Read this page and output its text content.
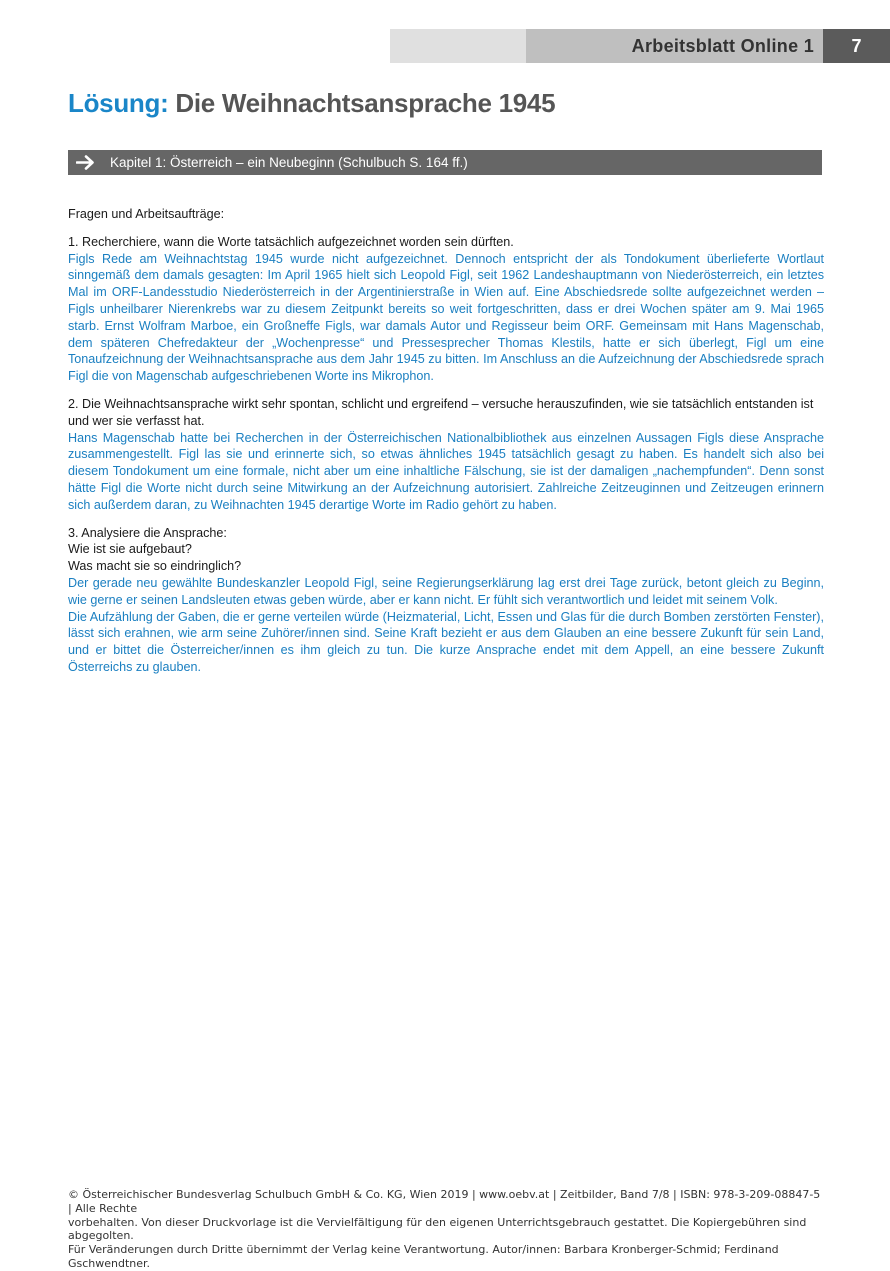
Arbeitsblatt Online 1	7
Lösung: Die Weihnachtsansprache 1945
Kapitel 1: Österreich – ein Neubeginn (Schulbuch S. 164 ff.)

Fragen und Arbeitsaufträge:

1. Recherchiere, wann die Worte tatsächlich aufgezeichnet worden sein dürften.

Figls Rede am Weihnachtstag 1945 wurde nicht aufgezeichnet. Dennoch entspricht der als Tondokument überlieferte Wortlaut sinngemäß dem damals gesagten: Im April 1965 hielt sich Leopold Figl, seit 1962 Landeshauptmann von Niederösterreich, ein letztes Mal im ORF-Landesstudio Niederösterreich in der Argentinierstraße in Wien auf. Eine Abschiedsrede sollte aufgezeichnet werden – Figls unheilbarer Nierenkrebs war zu diesem Zeitpunkt bereits so weit fortgeschritten, dass er drei Wochen später am 9. Mai 1965 starb. Ernst Wolfram Marboe, ein Großneffe Figls, war damals Autor und Regisseur beim ORF. Gemeinsam mit Hans Magenschab, dem späteren Chefredakteur der „Wochenpresse“ und Pressesprecher Thomas Klestils, hatte er sich überlegt, Figl um eine Tonaufzeichnung der Weihnachtsansprache aus dem Jahr 1945 zu bitten. Im Anschluss an die Aufzeichnung der Abschiedsrede sprach Figl die von Magenschab aufgeschriebenen Worte ins Mikrophon.

2. Die Weihnachtsansprache wirkt sehr spontan, schlicht und ergreifend – versuche herauszufinden, wie sie tatsächlich entstanden ist und wer sie verfasst hat.

Hans Magenschab hatte bei Recherchen in der Österreichischen Nationalbibliothek aus einzelnen Aussagen Figls diese Ansprache zusammengestellt. Figl las sie und erinnerte sich, so etwas ähnliches 1945 tatsächlich gesagt zu haben. Es handelt sich also bei diesem Tondokument um eine formale, nicht aber um eine inhaltliche Fälschung, sie ist der damaligen „nachempfunden“. Denn sonst hätte Figl die Worte nicht durch seine Mitwirkung an der Aufzeichnung autorisiert. Zahlreiche Zeitzeuginnen und Zeitzeugen erinnern sich außerdem daran, zu Weihnachten 1945 derartige Worte im Radio gehört zu haben.

3. Analysiere die Ansprache:

Wie ist sie aufgebaut?

Was macht sie so eindringlich?

Der gerade neu gewählte Bundeskanzler Leopold Figl, seine Regierungserklärung lag erst drei Tage zurück, betont gleich zu Beginn, wie gerne er seinen Landsleuten etwas geben würde, aber er kann nicht. Er fühlt sich verantwortlich und leidet mit seinem Volk.

Die Aufzählung der Gaben, die er gerne verteilen würde (Heizmaterial, Licht, Essen und Glas für die durch Bomben zerstörten Fenster), lässt sich erahnen, wie arm seine Zuhörer/innen sind. Seine Kraft bezieht er aus dem Glauben an eine bessere Zukunft für sein Land, und er bittet die Österreicher/innen es ihm gleich zu tun. Die kurze Ansprache endet mit dem Appell, an eine bessere Zukunft Österreichs zu glauben.

© Österreichischer Bundesverlag Schulbuch GmbH & Co. KG, Wien 2019 | www.oebv.at | Zeitbilder, Band 7/8 | ISBN: 978-3-209-08847-5 | Alle Rechte

vorbehalten. Von dieser Druckvorlage ist die Vervielfältigung für den eigenen Unterrichtsgebrauch gestattet. Die Kopiergebühren sind abgegolten.

Für Veränderungen durch Dritte übernimmt der Verlag keine Verantwortung. Autor/innen: Barbara Kronberger-Schmid; Ferdinand Gschwendtner.
